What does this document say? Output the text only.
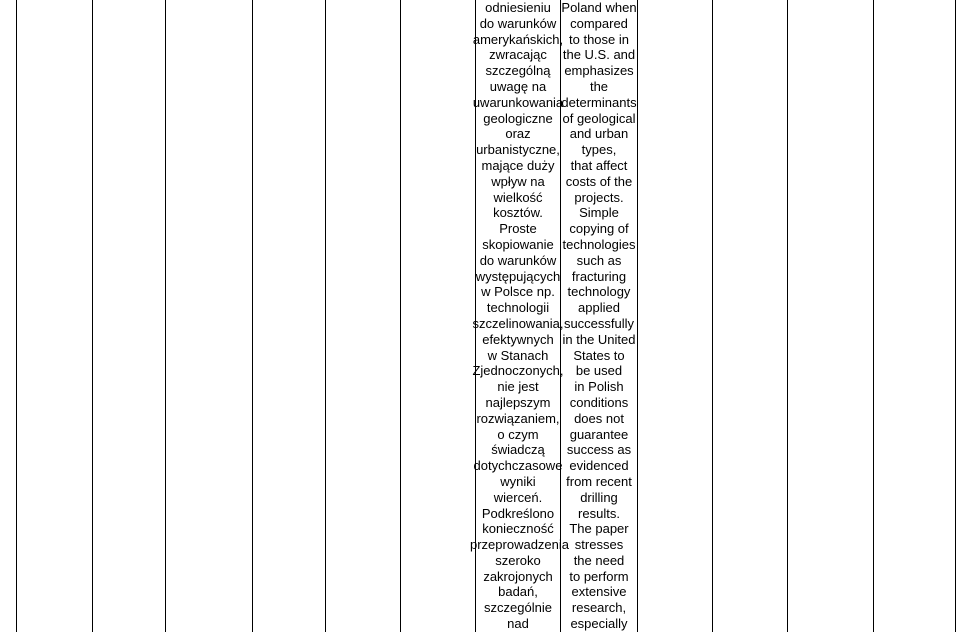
odniesieniu
do warunków
amerykańskich,
zwracając
szczególną
uwagę na
uwarunkowania
geologiczne
oraz
urbanistyczne,
mające duży
wpływ na
wielkość
kosztów.
Proste
skopiowanie
do warunków
występujących
w Polsce np.
technologii
szczelinowania,
efektywnych
w Stanach
Zjednoczonych,
nie jest
najlepszym
rozwiązaniem,
o czym
świadczą
dotychczasowe
wyniki
wierceń.
Podkreślono
konieczność
przeprowadzenia
szeroko
zakrojonych
badań,
szczególnie
nad
Poland when
compared
to those in
the U.S. and
emphasizes
the
determinants
of geological
and urban
types,
that affect
costs of the
projects.
Simple
copying of
technologies
such as
fracturing
technology
applied
successfully
in the United
States to
be used
in Polish
conditions
does not
guarantee
success as
evidenced
from recent
drilling
results.
The paper
stresses
the need
to perform
extensive
research,
especially
